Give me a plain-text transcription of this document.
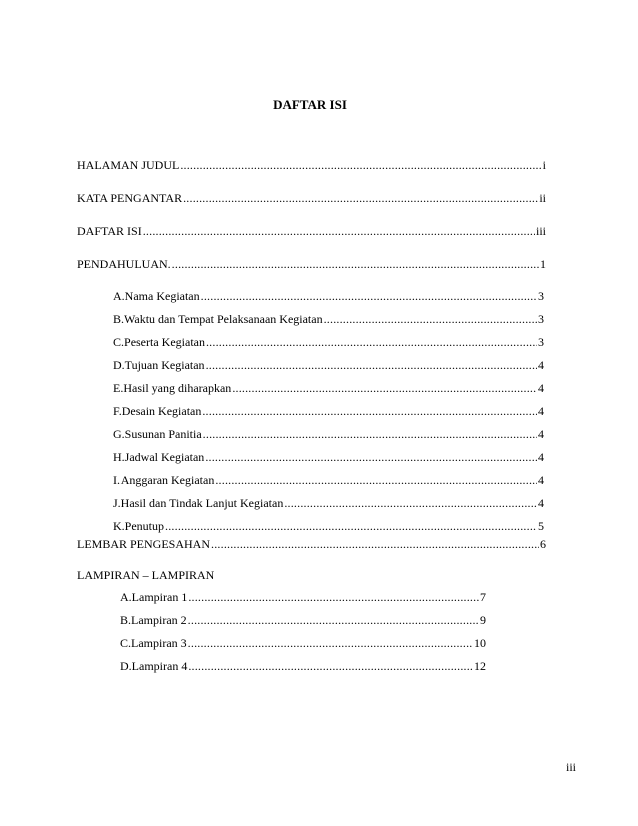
DAFTAR ISI
HALAMAN JUDUL .....	i
KATA PENGANTAR .....	ii
DAFTAR ISI .....	iii
PENDAHULUAN. .....	1
A. Nama Kegiatan .....	3
B. Waktu dan Tempat Pelaksanaan Kegiatan .....	3
C. Peserta Kegiatan .....	3
D. Tujuan Kegiatan .....	4
E. Hasil yang diharapkan .....	4
F. Desain Kegiatan .....	4
G. Susunan Panitia .....	4
H. Jadwal Kegiatan .....	4
I. Anggaran Kegiatan .....	4
J. Hasil dan Tindak Lanjut Kegiatan .....	4
K. Penutup .....	5
LEMBAR PENGESAHAN .....	6
LAMPIRAN – LAMPIRAN
A. Lampiran 1 .....	7
B. Lampiran 2 .....	9
C. Lampiran 3 .....	10
D. Lampiran 4 .....	12
iii
